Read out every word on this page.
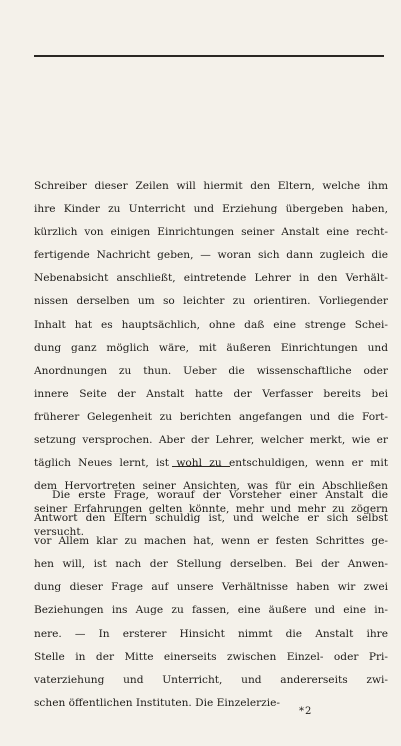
Schreiber dieser Zeilen will hiermit den Eltern, welche ihm
ihre Kinder zu Unterricht und Erziehung übergeben haben,
kürzlich von einigen Einrichtungen seiner Anstalt eine recht-
fertigende Nachricht geben, — woran sich dann zugleich die
Nebenabsicht anschließt, eintretende Lehrer in den Verhält-
nissen derselben um so leichter zu orientiren. Vorliegender
Inhalt hat es hauptsächlich, ohne daß eine strenge Schei-
dung ganz möglich wäre, mit äußeren Einrichtungen und
Anordnungen zu thun. Ueber die wissenschaftliche oder
innere Seite der Anstalt hatte der Verfasser bereits bei
früherer Gelegenheit zu berichten angefangen und die Fort-
setzung versprochen. Aber der Lehrer, welcher merkt, wie er
täglich Neues lernt, ist wohl zu entschuldigen, wenn er mit
dem Hervortreten seiner Ansichten, was für ein Abschließen
seiner Erfahrungen gelten könnte, mehr und mehr zu zögern
versucht.
Die erste Frage, worauf der Vorsteher einer Anstalt die
Antwort den Eltern schuldig ist, und welche er sich selbst
vor Allem klar zu machen hat, wenn er festen Schrittes ge-
hen will, ist nach der Stellung derselben. Bei der Anwen-
dung dieser Frage auf unsere Verhältnisse haben wir zwei
Beziehungen ins Auge zu fassen, eine äußere und eine in-
nere. — In ersterer Hinsicht nimmt die Anstalt ihre
Stelle in der Mitte einerseits zwischen Einzel- oder Pri-
vaterziehung und Unterricht, und andererseits zwi-
schen öffentlichen Instituten. Die Einzelerzie-
*2
